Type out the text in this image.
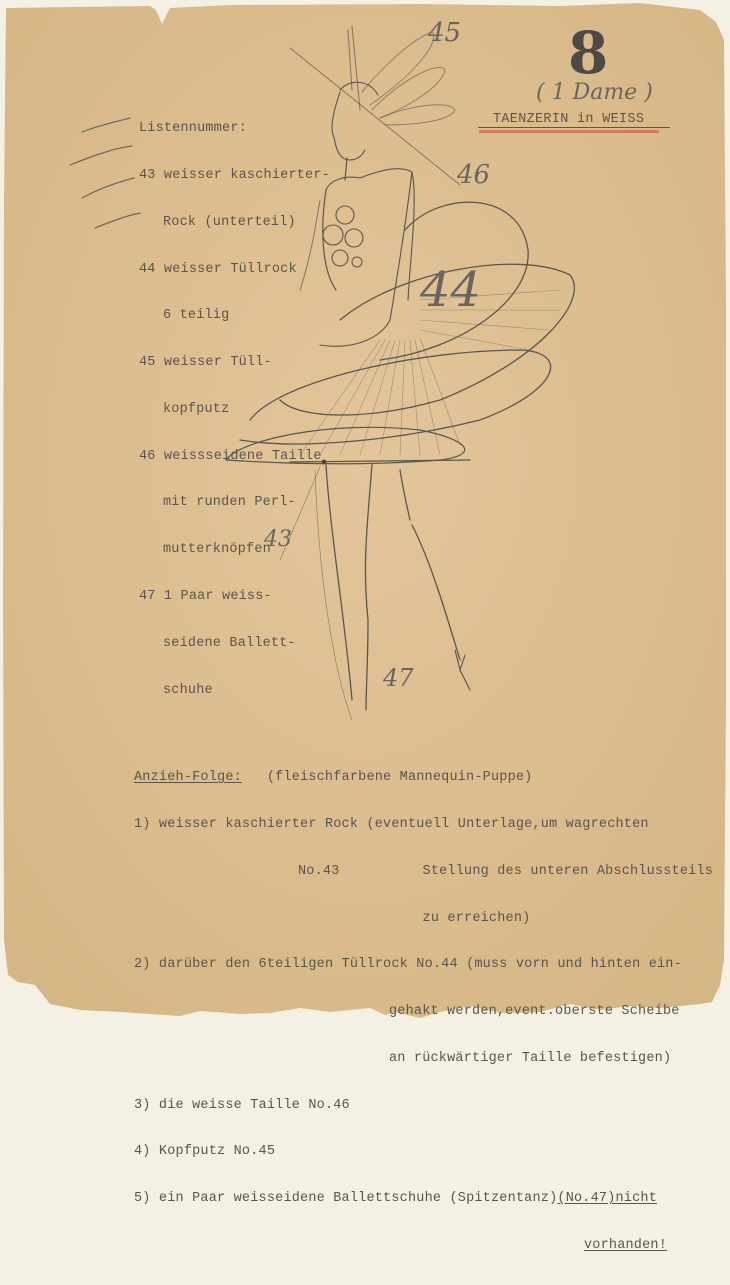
8
( 1 Dame )
TAENZERIN in WEISS
45
46
44
43
47

Listennummer:

43 weisser kaschierter-

Rock (unterteil)

44 weisser Tüllrock

6 teilig

45 weisser Tüll-

kopfputz

46 weissseidene Taille

mit runden Perl-

mutterknöpfen

47 1 Paar weiss-

seidene Ballett-

schuhe

Anzieh-Folge: (fleischfarbene Mannequin-Puppe)

1) weisser kaschierter Rock (eventuell Unterlage,um wagrechten

No.43          Stellung des unteren Abschlussteils

zu erreichen)

2) darüber den 6teiligen Tüllrock No.44 (muss vorn und hinten ein-

gehakt werden,event.oberste Scheibe

an rückwärtiger Taille befestigen)

3) die weisse Taille No.46

4) Kopfputz No.45

5) ein Paar weisseidene Ballettschuhe (Spitzentanz)(No.47)nicht

vorhanden!
